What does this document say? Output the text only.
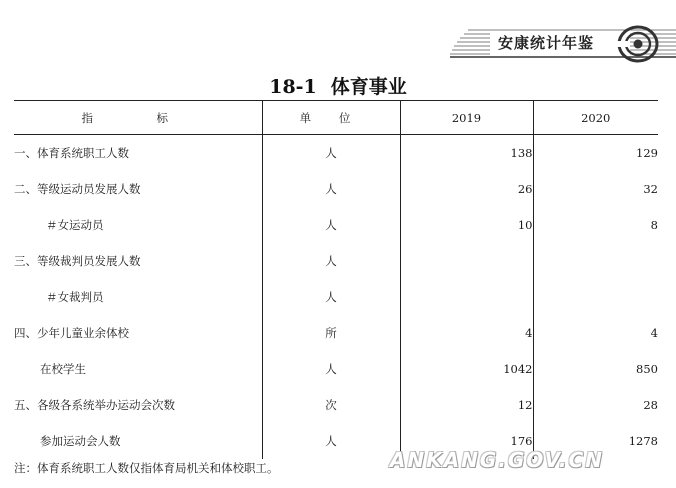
安康统计年鉴
18-1 体育事业
指　标	单 位	2019	2020
一、体育系统职工人数	人	138	129
二、等级运动员发展人数	人	26	32
＃女运动员	人	10	8
三、等级裁判员发展人数	人		
＃女裁判员	人		
四、少年儿童业余体校	所	4	4
在校学生	人	1042	850
五、各级各系统举办运动会次数	次	12	28
参加运动会人数	人	176	1278
ANKANG.GOV.CN
注：体育系统职工人数仅指体育局机关和体校职工。
